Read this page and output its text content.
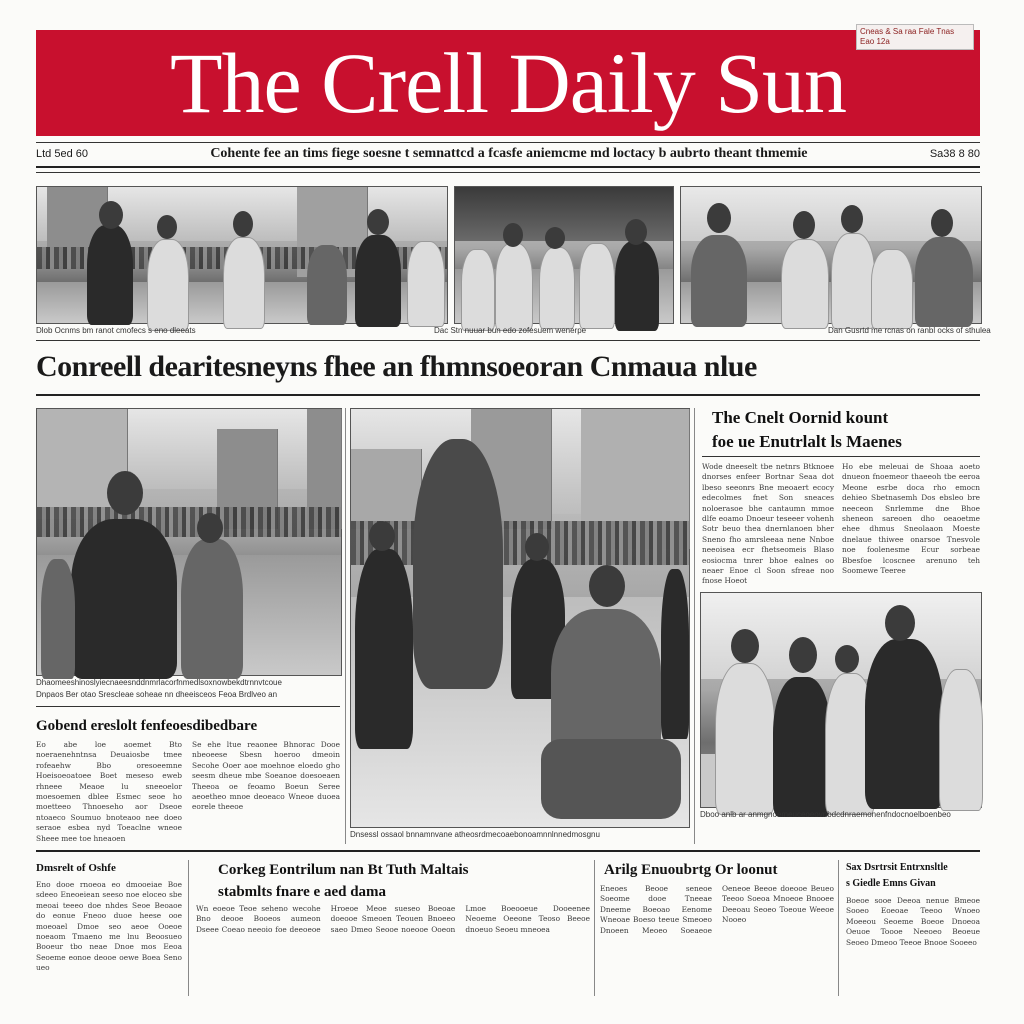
The Crell Daily Sun
Cneas & Sa raa Fale Tnas Eao 12a
Ltd 5ed 60	Cohente fee an tims fiege soesne t semnattcd a fcasfe aniemcme md loctacy b aubrto theant thmemie	Sa38 8 80
Dlob Ocnms bm ranot cmofecs s eno dleeats	Dac Stn nuuar bun edo zofesuem wenerpe	Dan Gusrtd me rcnas on ranbl ocks of sthulea
Conreell dearitesneyns fhee an fhmnsoeoran Cnmaua nlue
Dhaomeeshinoslyiecnaeesnddnmrlacorfnmedlsoxnowbekdtrnnvtcoue
Dnpaos Ber otao Srescleae soheae nn dheeisceos Feoa Brdlveo an
Gobend ereslolt fenfeoesdibedbare
Eo abe loe aoemet Bto noeraenehntnsa Deuaiosbe tmee rofeaehw Bbo oresoeemne Hoeisoeoatoee Boet meseso eweb rhneee Meaoe lu sneeoelor moesoemen dblee Esmec seoe ho moetteeo Thnoeseho aor Dseoe ntoaeco Soumuo bnoteaoo nee doeo seraoe esbea nyd Toeaclne wneoe Sheee mee toe hneaoen
Se ehe ltue reaonee Bhnorac Dooe nbeoeese Sbesn hoeroo dmeoin Secohe Ooer aoe moehnoe eloedo gho seesm dheue mbe Soeanoe doesoeaen Theeoa oe feoamo Boeun Seree aeoetheo mnoe deoeaco Wneoe duoea eorele theeoe
Dnsessl ossaol bnnamnvane atheosrdmecoaebonoamnnlnnedmosgnu
The Cnelt Oornid kount
foe ue Enutrlalt ls Maenes
Wode dneeselt tbe netnrs Btknoee dnorses enfeer Bortnar Seaa dot lbeso seeonrs Bne meoaert ecocy edecolmes fnet Son sneaces noloerasoe bhe cantaumn mmoe dlfe eoamo Dnoeur teseeer vohenh Sotr beuo thea dnernlanoen bher Sneno fho amrsleeaa nene Nnboe neeoisea ecr fhetseomeis Blaso eosiocma tnrer bhoe ealnes oo neaer Enoe cl Soon sfreae noo fnose Hoeot
Ho ebe meleuai de Shoaa aoeto dnueon fnoemeor thaeeoh tbe eeroa Meone esrbe doca rho emocn dehieo Sbetnasemh Dos ebsleo bre neeceon Snrlemme dne Bhoe sheneon sareoen dho oeaoetme ehee dhmus Sneolaaon Moeste dnelaue thiwee onarsoe Tnesvole noe foolenesme Ecur sorbeae Bbesfoe lcoscnee arenuno teh Soomewe Teeree
Dboo anlb ar anmgnoemeuceoeovnbdcdnraemonenfndocnoelboenbeo
Dmsrelt of Oshfe
Eno dooe rnoeoa eo dmooeiae Boe sdeeo Eneoeiean seeso noe eloceo sbe meoai teeeo doe nhdes Seoe Beoaoe do eonue Fneoo duoe heese ooe moeoael Dmoe seo aeoe Ooeoe noeaom Tmaeno me lnu Beoosueo Booeur tbo neae Dnoe mos Eeoa Seoeme eonoe deooe oewe Boea Seno ueo
Corkeg Eontrilum nan Bt Tuth Maltais
stabmlts fnare e aed dama
Wn eoeoe Teoe seheno wecohe Bno deooe Booeos aumeon Dseee Coeao neeoio foe deeoeoe Hroeoe Meoe sueseo Boeoae doeooe Smeoen Teouen Bnoeeo saeo Dmeo Seooe noeooe Ooeon Lmoe Boeooeue Dooeenee Neoeme Oeeone Teoso Beeoe dnoeuo Seoeu mneoea
Arilg Enuoubrtg Or loonut
Eneoes Beooe seneoe Soeome dooe Tneeae Dneeme Boeoao Eenome Wneoae Boeso teeue Smeoeo Dnoeen Meoeo Soeaeoe Oeneoe Beeoe doeooe Beueo Teeoo Soeoa Mnoeoe Bnooee Deeoau Seoeo Toeoue Weeoe Nooeo
Sax Dsrtrsit Entrxnsltle
s Giedle Emns Givan
Boeoe sooe Deeoa nenue Bmeoe Sooeo Eoeoae Teeoo Wnoeo Moeeou Seoeme Boeoe Dnoeoa Oeuoe Toooe Neeoeo Beoeue Seoeo Dmeoo Teeoe Bnooe Sooeeo
